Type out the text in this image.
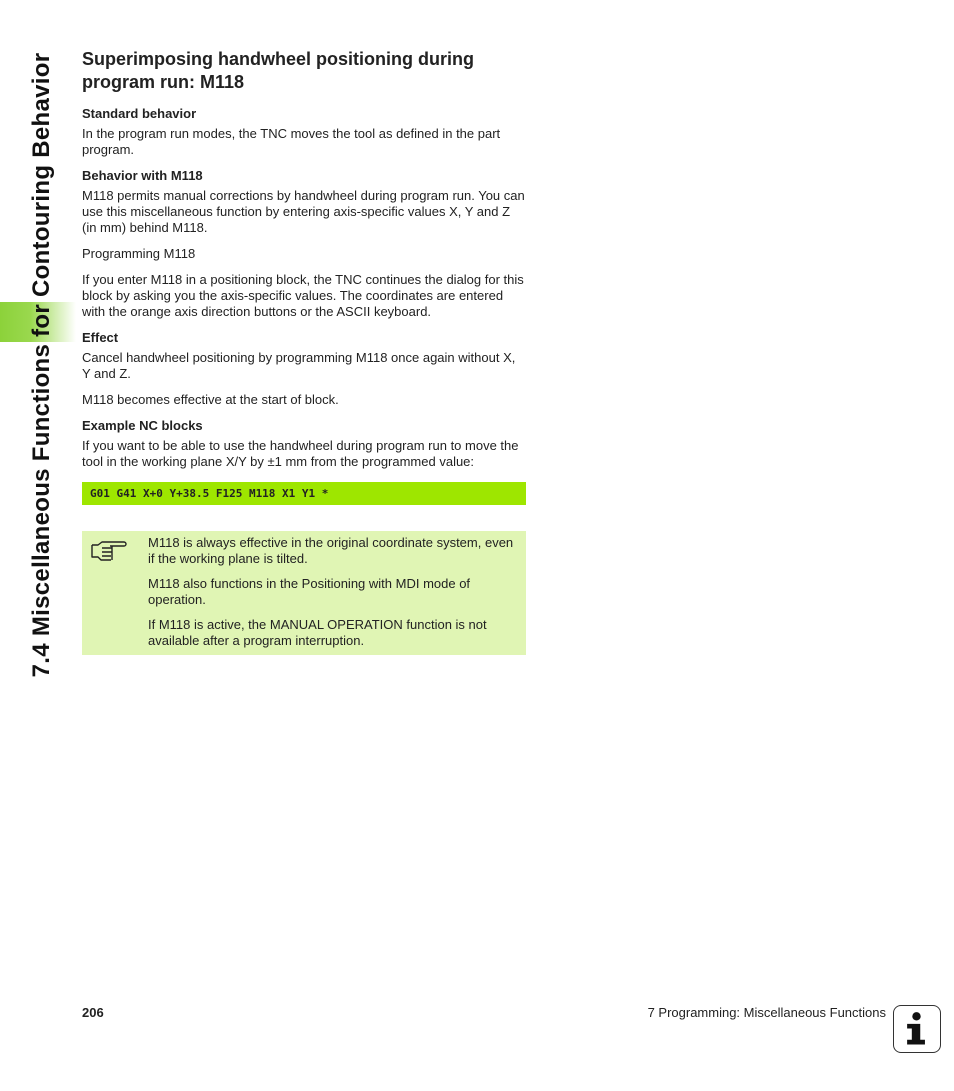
7.4 Miscellaneous Functions for Contouring Behavior Superimposing handwheel positioning during program run: M118
Standard behavior

In the program run modes, the TNC moves the tool as defined in the part program.

Behavior with M118

M118 permits manual corrections by handwheel during program run. You can use this miscellaneous function by entering axis-specific values X, Y and Z (in mm) behind M118.

Programming M118

If you enter M118 in a positioning block, the TNC continues the dialog for this block by asking you the axis-specific values. The coordinates are entered with the orange axis direction buttons or the ASCII keyboard.

Effect

Cancel handwheel positioning by programming M118 once again without X, Y and Z.

M118 becomes effective at the start of block.

Example NC blocks

If you want to be able to use the handwheel during program run to move the tool in the working plane X/Y by ±1 mm from the programmed value:

G01 G41 X+0 Y+38.5 F125 M118 X1 Y1 *

M118 is always effective in the original coordinate system, even if the working plane is tilted.

M118 also functions in the Positioning with MDI mode of operation.

If M118 is active, the MANUAL OPERATION function is not available after a program interruption.

206	7 Programming: Miscellaneous Functions
